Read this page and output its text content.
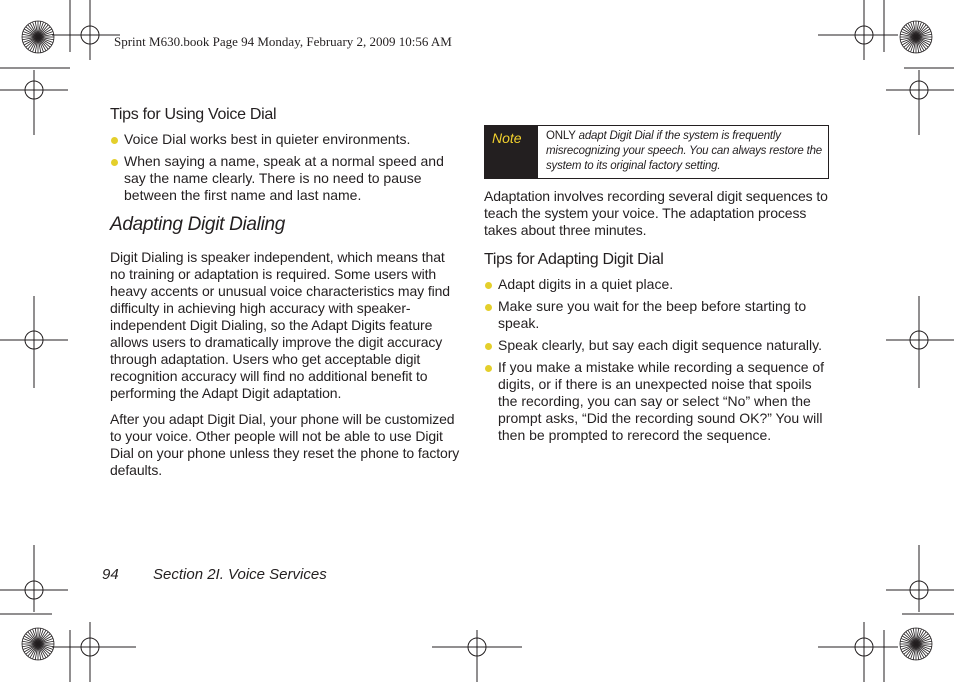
Sprint M630.book Page 94 Monday, February 2, 2009 10:56 AM
Tips for Using Voice Dial
Voice Dial works best in quieter environments.
When saying a name, speak at a normal speed and say the name clearly. There is no need to pause between the first name and last name.
Adapting Digit Dialing

Digit Dialing is speaker independent, which means that no training or adaptation is required. Some users with heavy accents or unusual voice characteristics may find difficulty in achieving high accuracy with speaker-independent Digit Dialing, so the Adapt Digits feature allows users to dramatically improve the digit accuracy through adaptation. Users who get acceptable digit recognition accuracy will find no additional benefit to performing the Adapt Digit adaptation.

After you adapt Digit Dial, your phone will be customized to your voice. Other people will not be able to use Digit Dial on your phone unless they reset the phone to factory defaults.

Note	ONLY adapt Digit Dial if the system is frequently misrecognizing your speech. You can always restore the system to its original factory setting.

Adaptation involves recording several digit sequences to teach the system your voice. The adaptation process takes about three minutes.

Tips for Adapting Digit Dial
Adapt digits in a quiet place.
Make sure you wait for the beep before starting to speak.
Speak clearly, but say each digit sequence naturally.
If you make a mistake while recording a sequence of digits, or if there is an unexpected noise that spoils the recording, you can say or select “No” when the prompt asks, “Did the recording sound OK?” You will then be prompted to rerecord the sequence.
94 Section 2I. Voice Services
